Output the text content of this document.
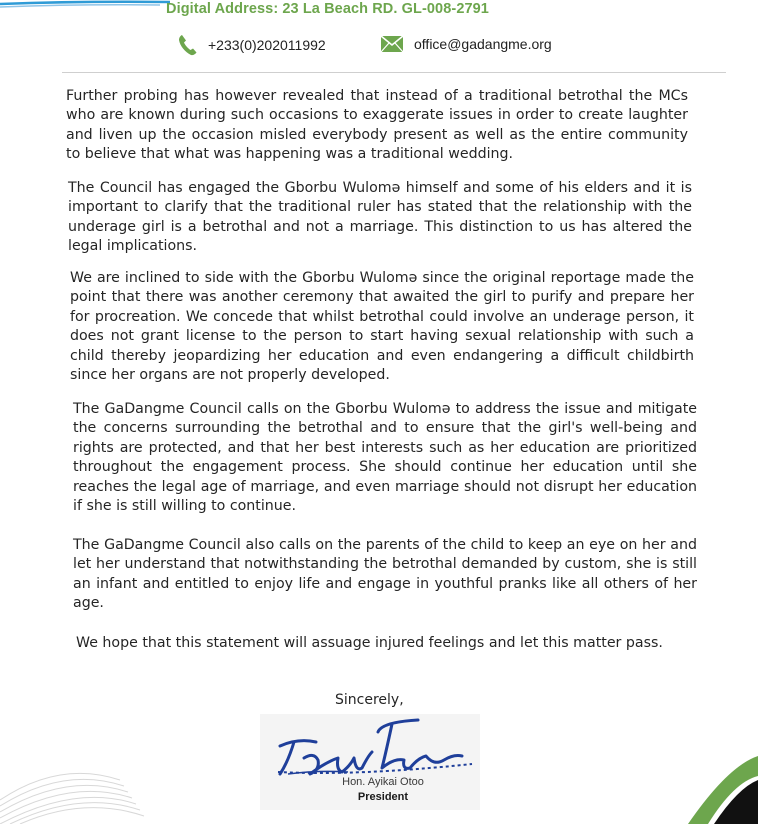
Digital Address: 23 La Beach RD. GL-008-2791
+233(0)202011992	office@gadangme.org

Further probing has however revealed that instead of a traditional betrothal the MCs who are known during such occasions to exaggerate issues in order to create laughter and liven up the occasion misled everybody present as well as the entire community to believe that what was happening was a traditional wedding.

The Council has engaged the Gborbu Wulomə himself and some of his elders and it is important to clarify that the traditional ruler has stated that the relationship with the underage girl is a betrothal and not a marriage. This distinction to us has altered the legal implications.

We are inclined to side with the Gborbu Wulomə since the original reportage made the point that there was another ceremony that awaited the girl to purify and prepare her for procreation. We concede that whilst betrothal could involve an underage person, it does not grant license to the person to start having sexual relationship with such a child thereby jeopardizing her education and even endangering a difficult childbirth since her organs are not properly developed.

The GaDangme Council calls on the Gborbu Wulomə to address the issue and mitigate the concerns surrounding the betrothal and to ensure that the girl's well-being and rights are protected, and that her best interests such as her education are prioritized throughout the engagement process. She should continue her education until she reaches the legal age of marriage, and even marriage should not disrupt her education if she is still willing to continue.

The GaDangme Council also calls on the parents of the child to keep an eye on her and let her understand that notwithstanding the betrothal demanded by custom, she is still an infant and entitled to enjoy life and engage in youthful pranks like all others of her age.

We hope that this statement will assuage injured feelings and let this matter pass.

Sincerely,
Hon. Ayikai Otoo
President
